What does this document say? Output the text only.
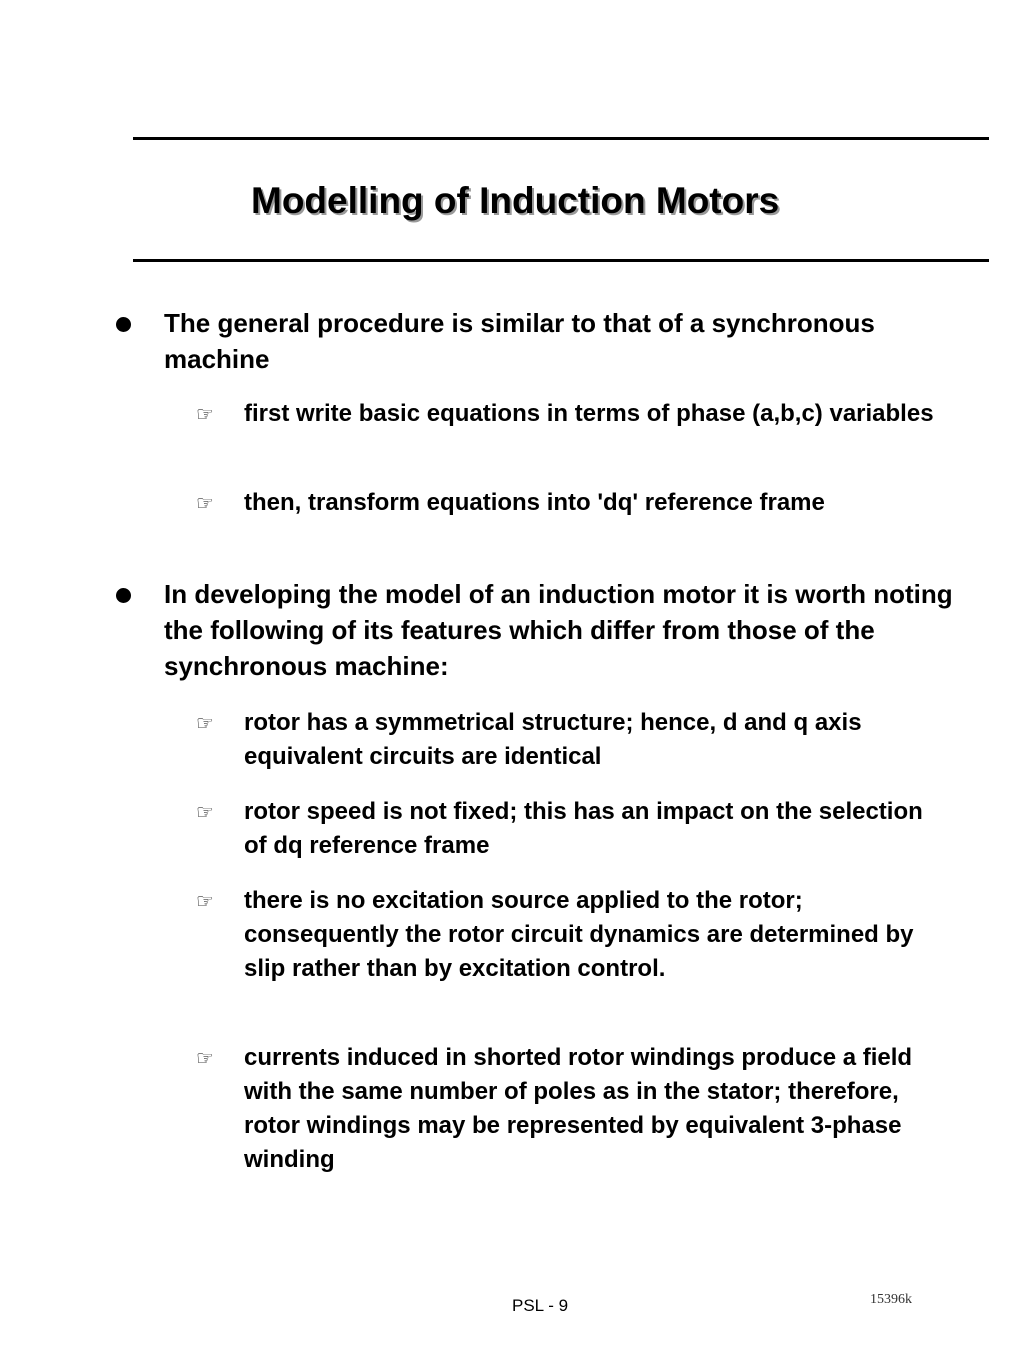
Modelling of Induction Motors
The general procedure is similar to that of a synchronous machine
☞ first write basic equations in terms of phase (a,b,c) variables
☞ then, transform equations into 'dq' reference frame
In developing the model of an induction motor it is worth noting the following of its features which differ from those of the synchronous machine:
☞ rotor has a symmetrical structure; hence, d and q axis equivalent circuits are identical
☞ rotor speed is not fixed; this has an impact on the selection of dq reference frame
☞ there is no excitation source applied to the rotor; consequently the rotor circuit dynamics are determined by slip rather than by excitation control.
☞ currents induced in shorted rotor windings produce a field with the same number of poles as in the stator; therefore, rotor windings may be represented by equivalent 3-phase winding
PSL - 9	15396k
